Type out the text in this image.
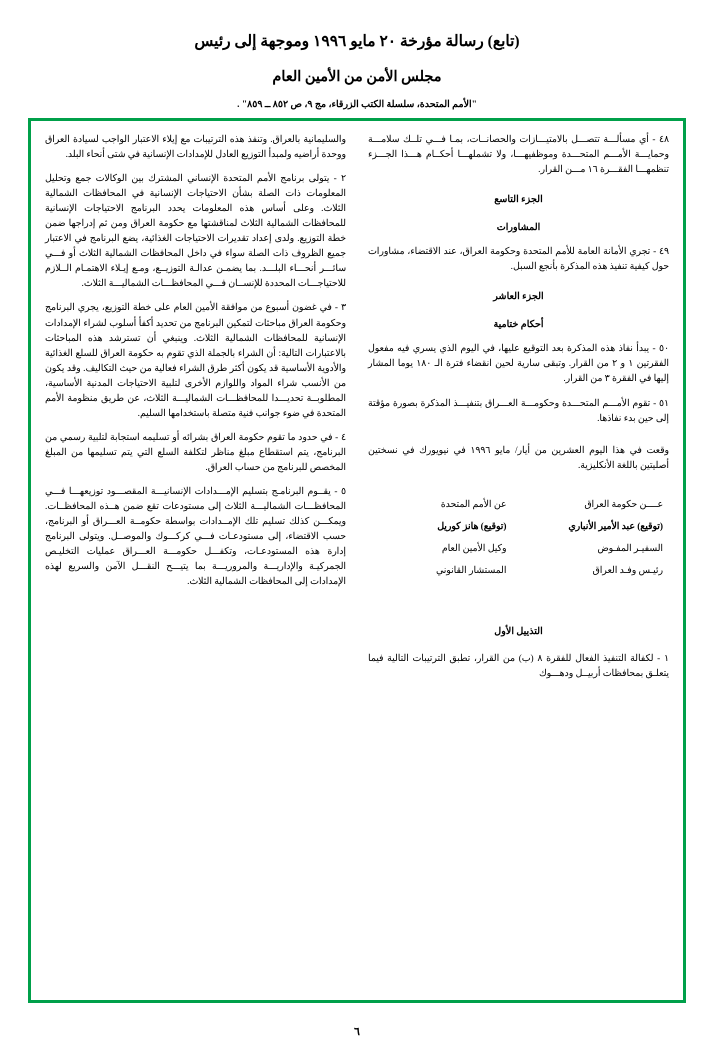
(تابع) رسالة مؤرخة ٢٠ مايو ١٩٩٦ وموجهة إلى رئيس
مجلس الأمن من الأمين العام
"الأمم المتحدة، سلسلة الكتب الزرقاء، مج ٩، ص ٨٥٢ ــ ٨٥٩" .

٤٨ - أي مسألـــة تتصـــل بالامتيـــازات والحصانــات، بمـا فـــي تلــك سلامـــة وحمايـــة الأمـــم المتحـــدة وموظفيهـــا، ولا تشملهـــا أحكــام هـــذا الجـــزء تنظمهـــا الفقـــرة ١٦ مـــن القرار.

الجزء التاسع
المشاورات

٤٩ - تجري الأمانة العامة للأمم المتحدة وحكومة العراق، عند الاقتضاء، مشاورات حول كيفية تنفيذ هذه المذكرة بأنجع السبل.

الجزء العاشر
أحكام ختامية

٥٠ - يبدأ نفاذ هذه المذكرة بعد التوقيع عليها، في اليوم الذي يسري فيه مفعول الفقرتين ١ و ٢ من القرار. وتبقى سارية لحين انقضاء فترة الـ ١٨٠ يوما المشار إليها في الفقرة ٣ من القرار.

٥١ - تقوم الأمـــم المتحـــدة وحكومـــة العـــراق بتنفيـــذ المذكرة بصورة مؤقتة إلى حين بدء نفاذها.

وقعت في هذا اليوم العشرين من أيار/ مايو ١٩٩٦ في نيويورك في نسختين أصليتين باللغة الأنكليزية.

عــــن حكومة العراق	عن الأمم المتحدة
(توقيع) عبد الأمير الأنباري	(توقيع) هانز كوريل
السفيـر المفـوض	وكيل الأمين العام
رئيـس وفـد العراق	المستشار القانوني
التذييل الأول

١ - لكفالة التنفيذ الفعال للفقرة ٨ (ب) من القرار، تطبق الترتيبات التالية فيما يتعلـق بمحافظات أربيــل ودهـــوك

والسليمانية بالعراق. وتنفذ هذه الترتيبات مع إيلاء الاعتبار الواجب لسيادة العراق ووحدة أراضيه ولمبدأ التوزيع العادل للإمدادات الإنسانية في شتى أنحاء البلد.

٢ - يتولى برنامج الأمم المتحدة الإنساني المشترك بين الوكالات جمع وتحليل المعلومات ذات الصلة بشأن الاحتياجات الإنسانية في المحافظات الشمالية الثلاث. وعلى أساس هذه المعلومات يحدد البرنامج الاحتياجات الإنسانية للمحافظات الشمالية الثلاث لمناقشتها مع حكومة العراق ومن ثم إدراجها ضمن خطة التوزيع. ولدى إعداد تقديرات الاحتياجات الغذائية، يضع البرنامج في الاعتبار جميع الظروف ذات الصلة سواء في داخل المحافظات الشمالية الثلاث أو فـــي سائـــر أنحـــاء البلـــد. بما يضمـن عدالـة التوزيــع، ومـع إيـلاء الاهتمـام الــلازم للاحتياجـــات المحددة للإنســان فـــي المحافظـــات الشماليـــة الثلاث.

٣ - في غضون أسبوع من موافقة الأمين العام على خطة التوزيع، يجري البرنامج وحكومة العراق مباحثات لتمكين البرنامج من تحديد أكفأ أسلوب لشراء الإمدادات الإنسانية للمحافظات الشمالية الثلاث. وينبغي أن تسترشد هذه المباحثات بالاعتبارات التالية: أن الشراء بالجملة الذي تقوم به حكومة العراق للسلع الغذائية والأدوية الأساسية قد يكون أكثر طرق الشراء فعالية من حيث التكاليف. وقد يكون من الأنسب شراء المواد واللوازم الأخرى لتلبية الاحتياجات المدنية الأساسية، المطلوبــة تحديـــدا للمحافظـــات الشماليـــة الثلاث، عن طريق منظومة الأمم المتحدة في ضوء جوانب فنية متصلة باستخدامها السليم.

٤ - في حدود ما تقوم حكومة العراق بشرائه أو تسليمه استجابة لتلبية رسمي من البرنامج، يتم استقطاع مبلغ مناظر لتكلفة السلع التي يتم تسليمها من المبلغ المخصص للبرنامج من حساب العراق.

٥ - يقــوم البرنامـج بتسليم الإمـــدادات الإنسانيـــة المقصـــود توزيعهـــا فـــي المحافظـــات الشماليـــة الثلاث إلى مستودعات تقع ضمن هــذه المحافظــات. ويمكـــن كذلك تسليم تلك الإمــدادات بواسطة حكومــة العـــراق أو البرنامج، حسب الاقتضاء، إلى مستودعـات فـــي كركـــوك والموصــل. ويتولى البرنامج إدارة هذه المستودعـات، وتكفـــل حكومـــة العـــراق عمليات التخليـص الجمركيـة والإداريـــة والمروريـــة بما يتيـــح النقـــل الآمن والسريع لهذه الإمدادات إلى المحافظات الشمالية الثلاث.

٦
